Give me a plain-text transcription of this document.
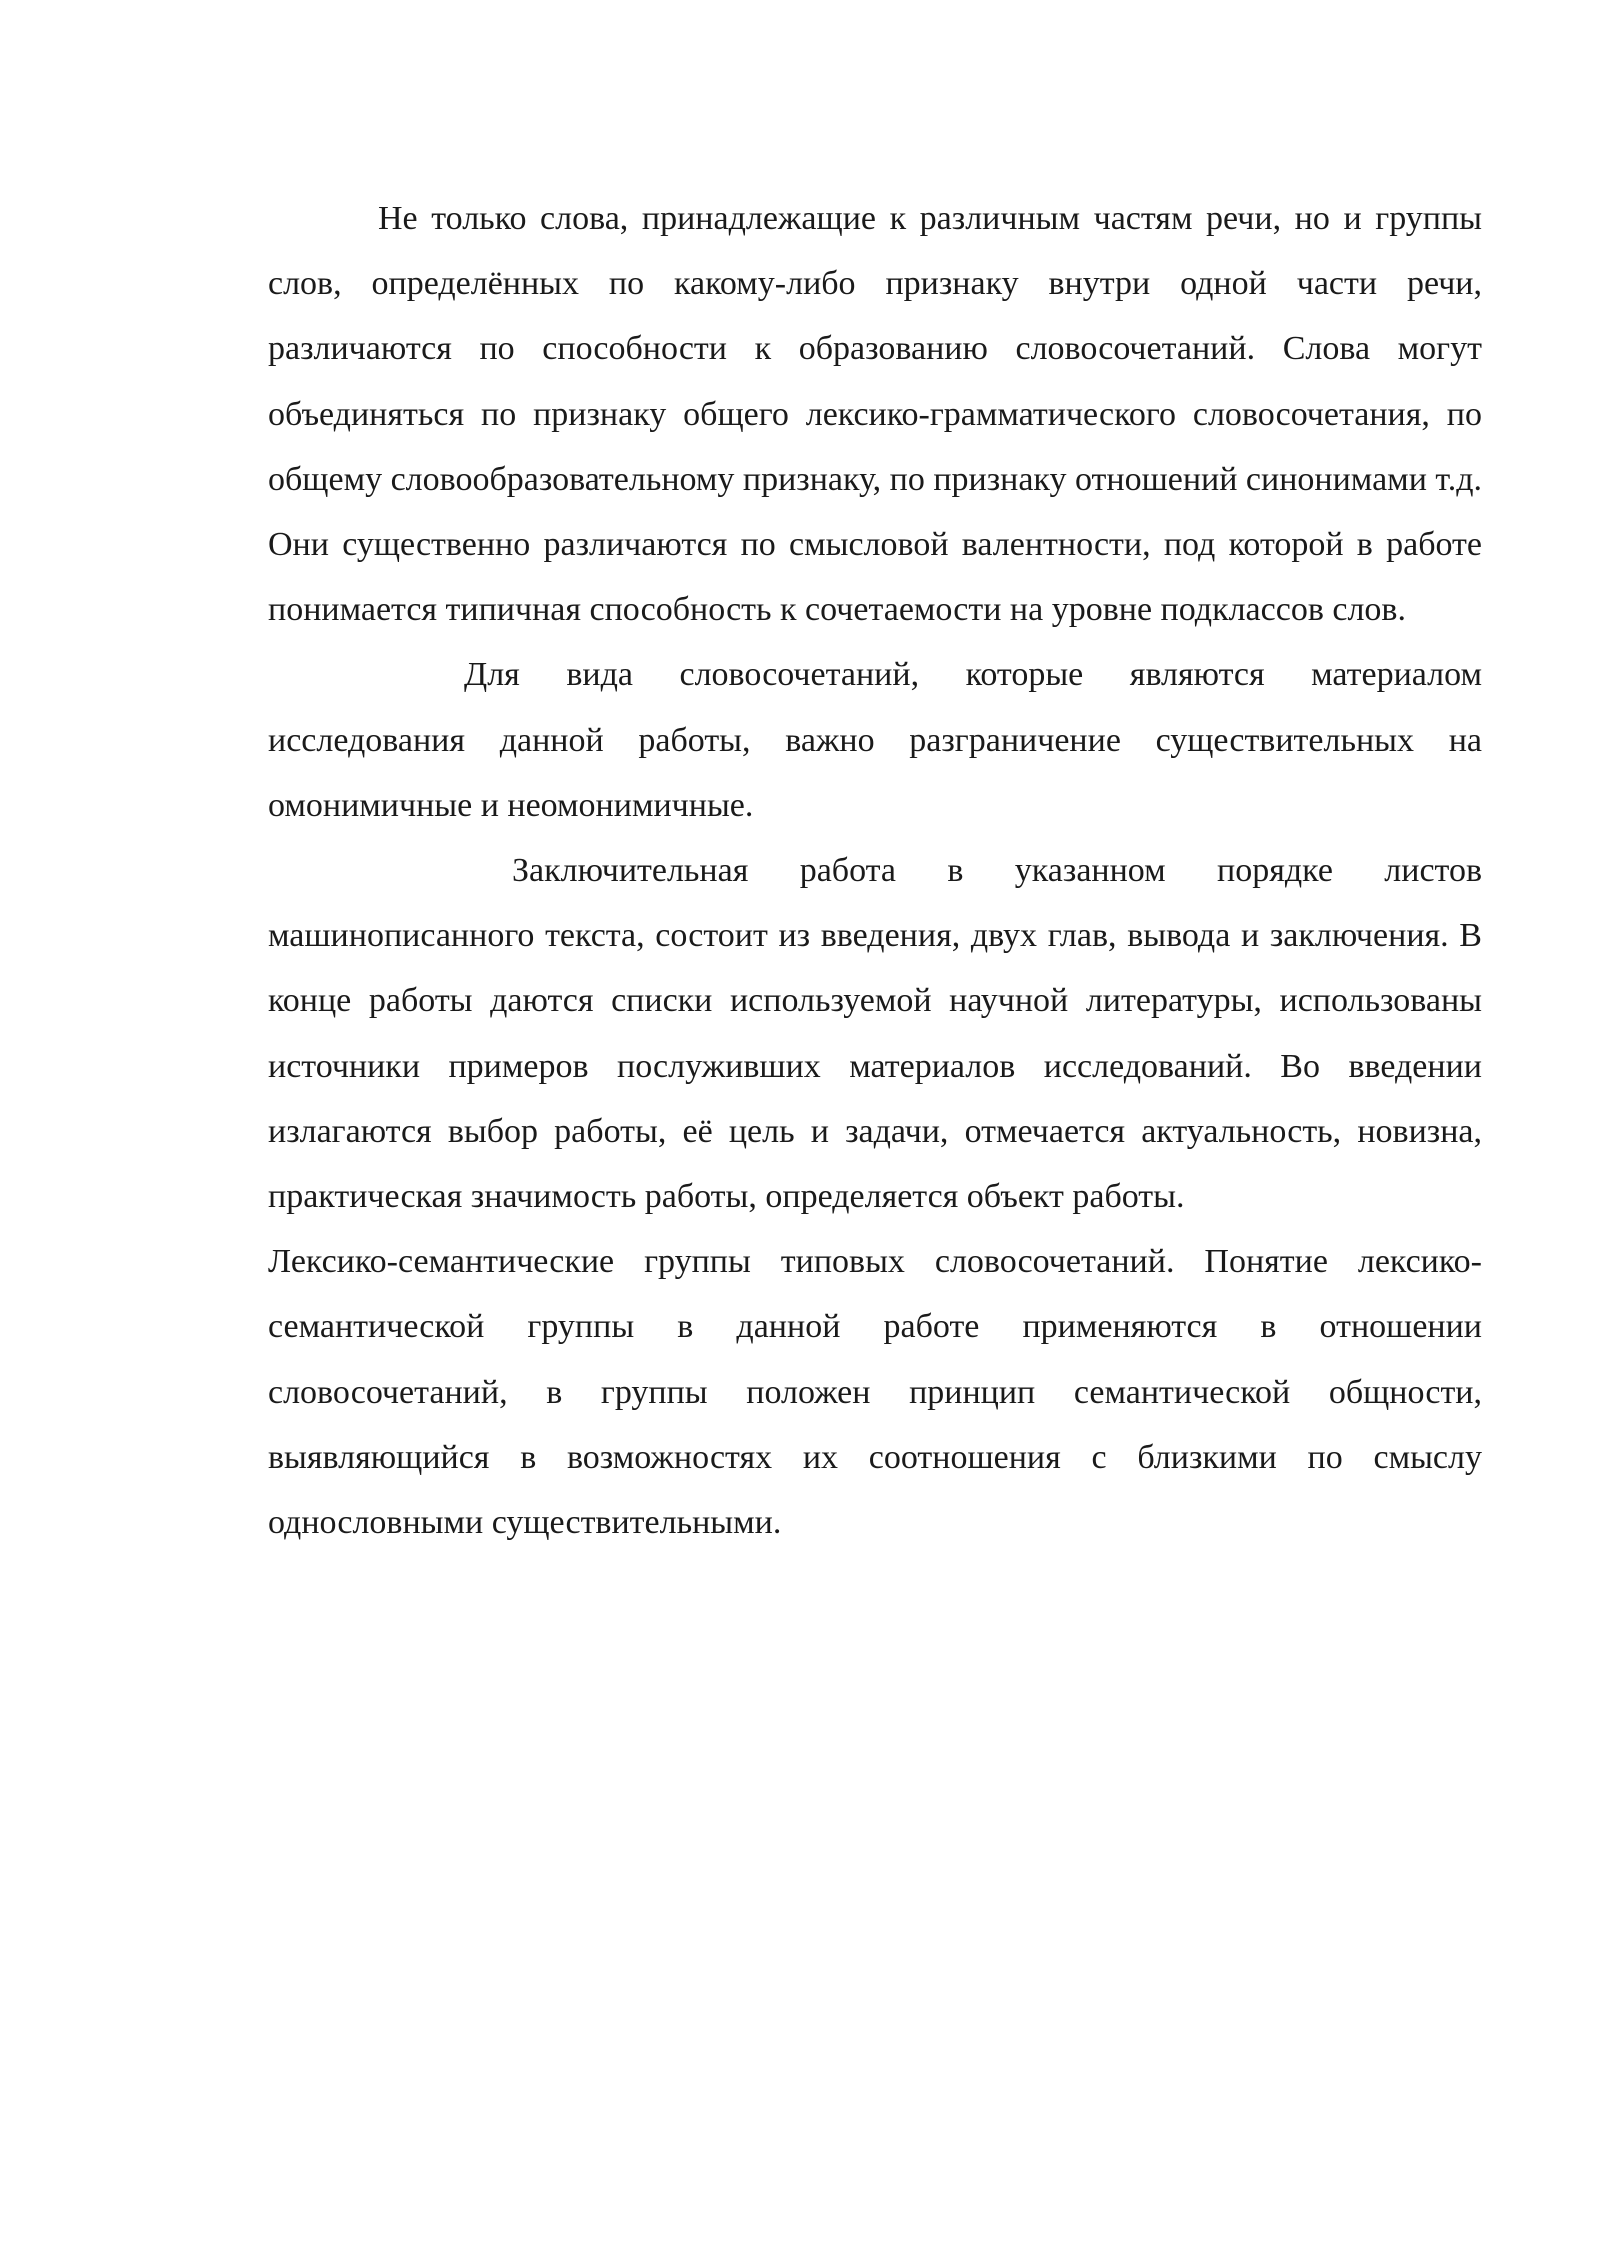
Не только слова, принадлежащие к различным частям речи, но и группы слов, определённых по какому-либо признаку внутри одной части речи, различаются по способности к образованию словосочетаний. Слова могут объединяться по признаку общего лексико-грамматического словосочетания, по общему словообразовательному признаку, по признаку отношений синонимами т.д. Они существенно различаются по смысловой валентности, под которой в работе понимается типичная способность к сочетаемости на уровне подклассов слов.

Для вида словосочетаний, которые являются материалом исследования данной работы, важно разграничение существительных на омонимичные и неомонимичные.

Заключительная работа в указанном порядке листов машинописанного текста, состоит из введения, двух глав, вывода и заключения. В конце работы даются списки используемой научной литературы, использованы источники примеров послуживших материалов исследований. Во введении излагаются выбор работы, её цель и задачи, отмечается актуальность, новизна, практическая значимость работы, определяется объект работы.

Лексико-семантические группы типовых словосочетаний. Понятие лексико-семантической группы в данной работе применяются в отношении словосочетаний, в группы положен принцип семантической общности, выявляющийся в возможностях их соотношения с близкими по смыслу однословными существительными.
